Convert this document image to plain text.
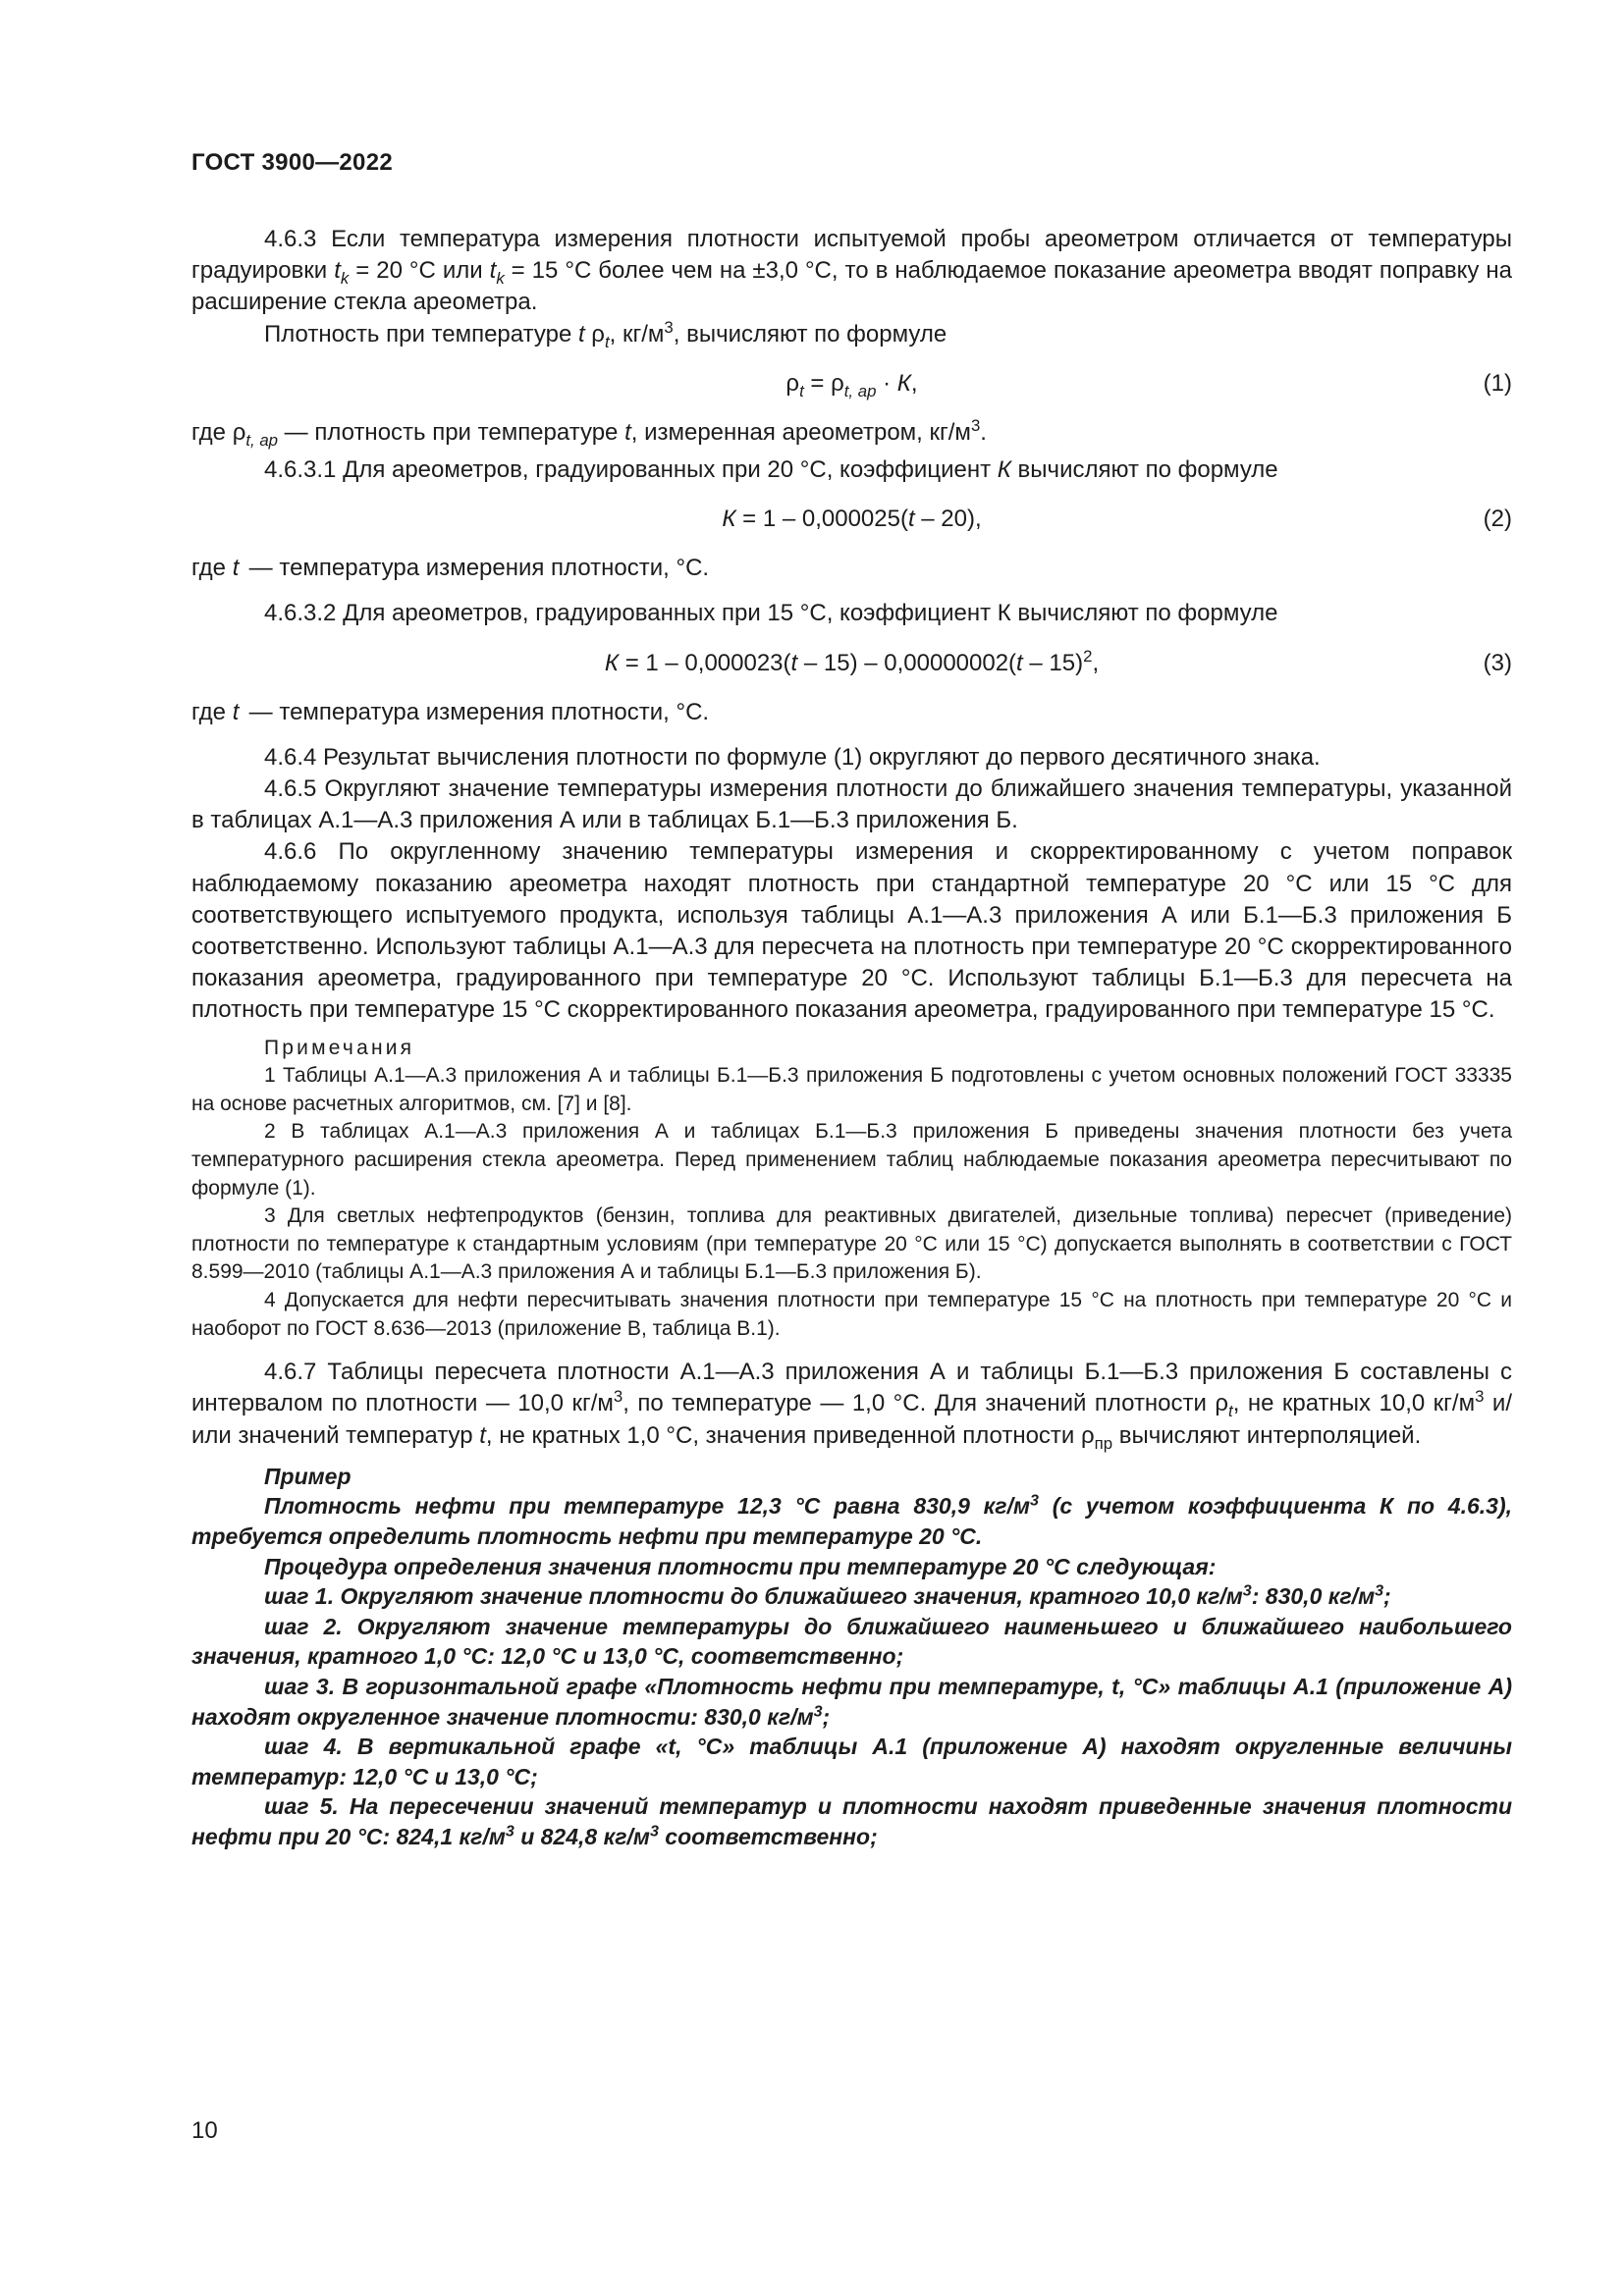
ГОСТ 3900—2022

4.6.3 Если температура измерения плотности испытуемой пробы ареометром отличается от температуры градуировки $t_k = 20$ °C или $t_k = 15$ °C более чем на ±3,0 °C, то в наблюдаемое показание ареометра вводят поправку на расширение стекла ареометра.

Плотность при температуре t $\rho_t$, $кг/м^3$, вычисляют по формуле

$\rho_t = \rho_{t, ар} \cdot К$,	(1)

где $\rho_{t, ар}$ — плотность при температуре t, измеренная ареометром, $кг/м^3$.

4.6.3.1 Для ареометров, градуированных при 20 °C, коэффициент К вычисляют по формуле

К = 1 – 0,000025(t – 20),	(2)

где t — температура измерения плотности, °C.

4.6.3.2 Для ареометров, градуированных при 15 °C, коэффициент К вычисляют по формуле

К = 1 – 0,000023(t – 15) – 0,00000002(t – 15)$^2$,	(3)

где t — температура измерения плотности, °C.

4.6.4 Результат вычисления плотности по формуле (1) округляют до первого десятичного знака.

4.6.5 Округляют значение температуры измерения плотности до ближайшего значения температуры, указанной в таблицах А.1—А.3 приложения А или в таблицах Б.1—Б.3 приложения Б.

4.6.6 По округленному значению температуры измерения и скорректированному с учетом поправок наблюдаемому показанию ареометра находят плотность при стандартной температуре 20 °C или 15 °C для соответствующего испытуемого продукта, используя таблицы А.1—А.3 приложения А или Б.1—Б.3 приложения Б соответственно. Используют таблицы А.1—А.3 для пересчета на плотность при температуре 20 °C скорректированного показания ареометра, градуированного при температуре 20 °C. Используют таблицы Б.1—Б.3 для пересчета на плотность при температуре 15 °C скорректированного показания ареометра, градуированного при температуре 15 °C.

Примечания

1 Таблицы А.1—А.3 приложения А и таблицы Б.1—Б.3 приложения Б подготовлены с учетом основных положений ГОСТ 33335 на основе расчетных алгоритмов, см. [7] и [8].

2 В таблицах А.1—А.3 приложения А и таблицах Б.1—Б.3 приложения Б приведены значения плотности без учета температурного расширения стекла ареометра. Перед применением таблиц наблюдаемые показания ареометра пересчитывают по формуле (1).

3 Для светлых нефтепродуктов (бензин, топлива для реактивных двигателей, дизельные топлива) пересчет (приведение) плотности по температуре к стандартным условиям (при температуре 20 °C или 15 °C) допускается выполнять в соответствии с ГОСТ 8.599—2010 (таблицы А.1—А.3 приложения А и таблицы Б.1—Б.3 приложения Б).

4 Допускается для нефти пересчитывать значения плотности при температуре 15 °C на плотность при температуре 20 °C и наоборот по ГОСТ 8.636—2013 (приложение В, таблица В.1).

4.6.7 Таблицы пересчета плотности А.1—А.3 приложения А и таблицы Б.1—Б.3 приложения Б составлены с интервалом по плотности — 10,0 $кг/м^3$, по температуре — 1,0 °C. Для значений плотности $\rho_t$, не кратных 10,0 $кг/м^3$ и/или значений температур t, не кратных 1,0 °C, значения приведенной плотности $\rho_{пр}$ вычисляют интерполяцией.

Пример

Плотность нефти при температуре 12,3 °C равна 830,9 $кг/м^3$ (с учетом коэффициента К по 4.6.3), требуется определить плотность нефти при температуре 20 °C.

Процедура определения значения плотности при температуре 20 °C следующая:

шаг 1. Округляют значение плотности до ближайшего значения, кратного 10,0 $кг/м^3$: 830,0 $кг/м^3$;

шаг 2. Округляют значение температуры до ближайшего наименьшего и ближайшего наибольшего значения, кратного 1,0 °C: 12,0 °C и 13,0 °C, соответственно;

шаг 3. В горизонтальной графе «Плотность нефти при температуре, t, °C» таблицы А.1 (приложение А) находят округленное значение плотности: 830,0 $кг/м^3$;

шаг 4. В вертикальной графе «t, °C» таблицы А.1 (приложение А) находят округленные величины температур: 12,0 °C и 13,0 °C;

шаг 5. На пересечении значений температур и плотности находят приведенные значения плотности нефти при 20 °C: 824,1 $кг/м^3$ и 824,8 $кг/м^3$ соответственно;

10
